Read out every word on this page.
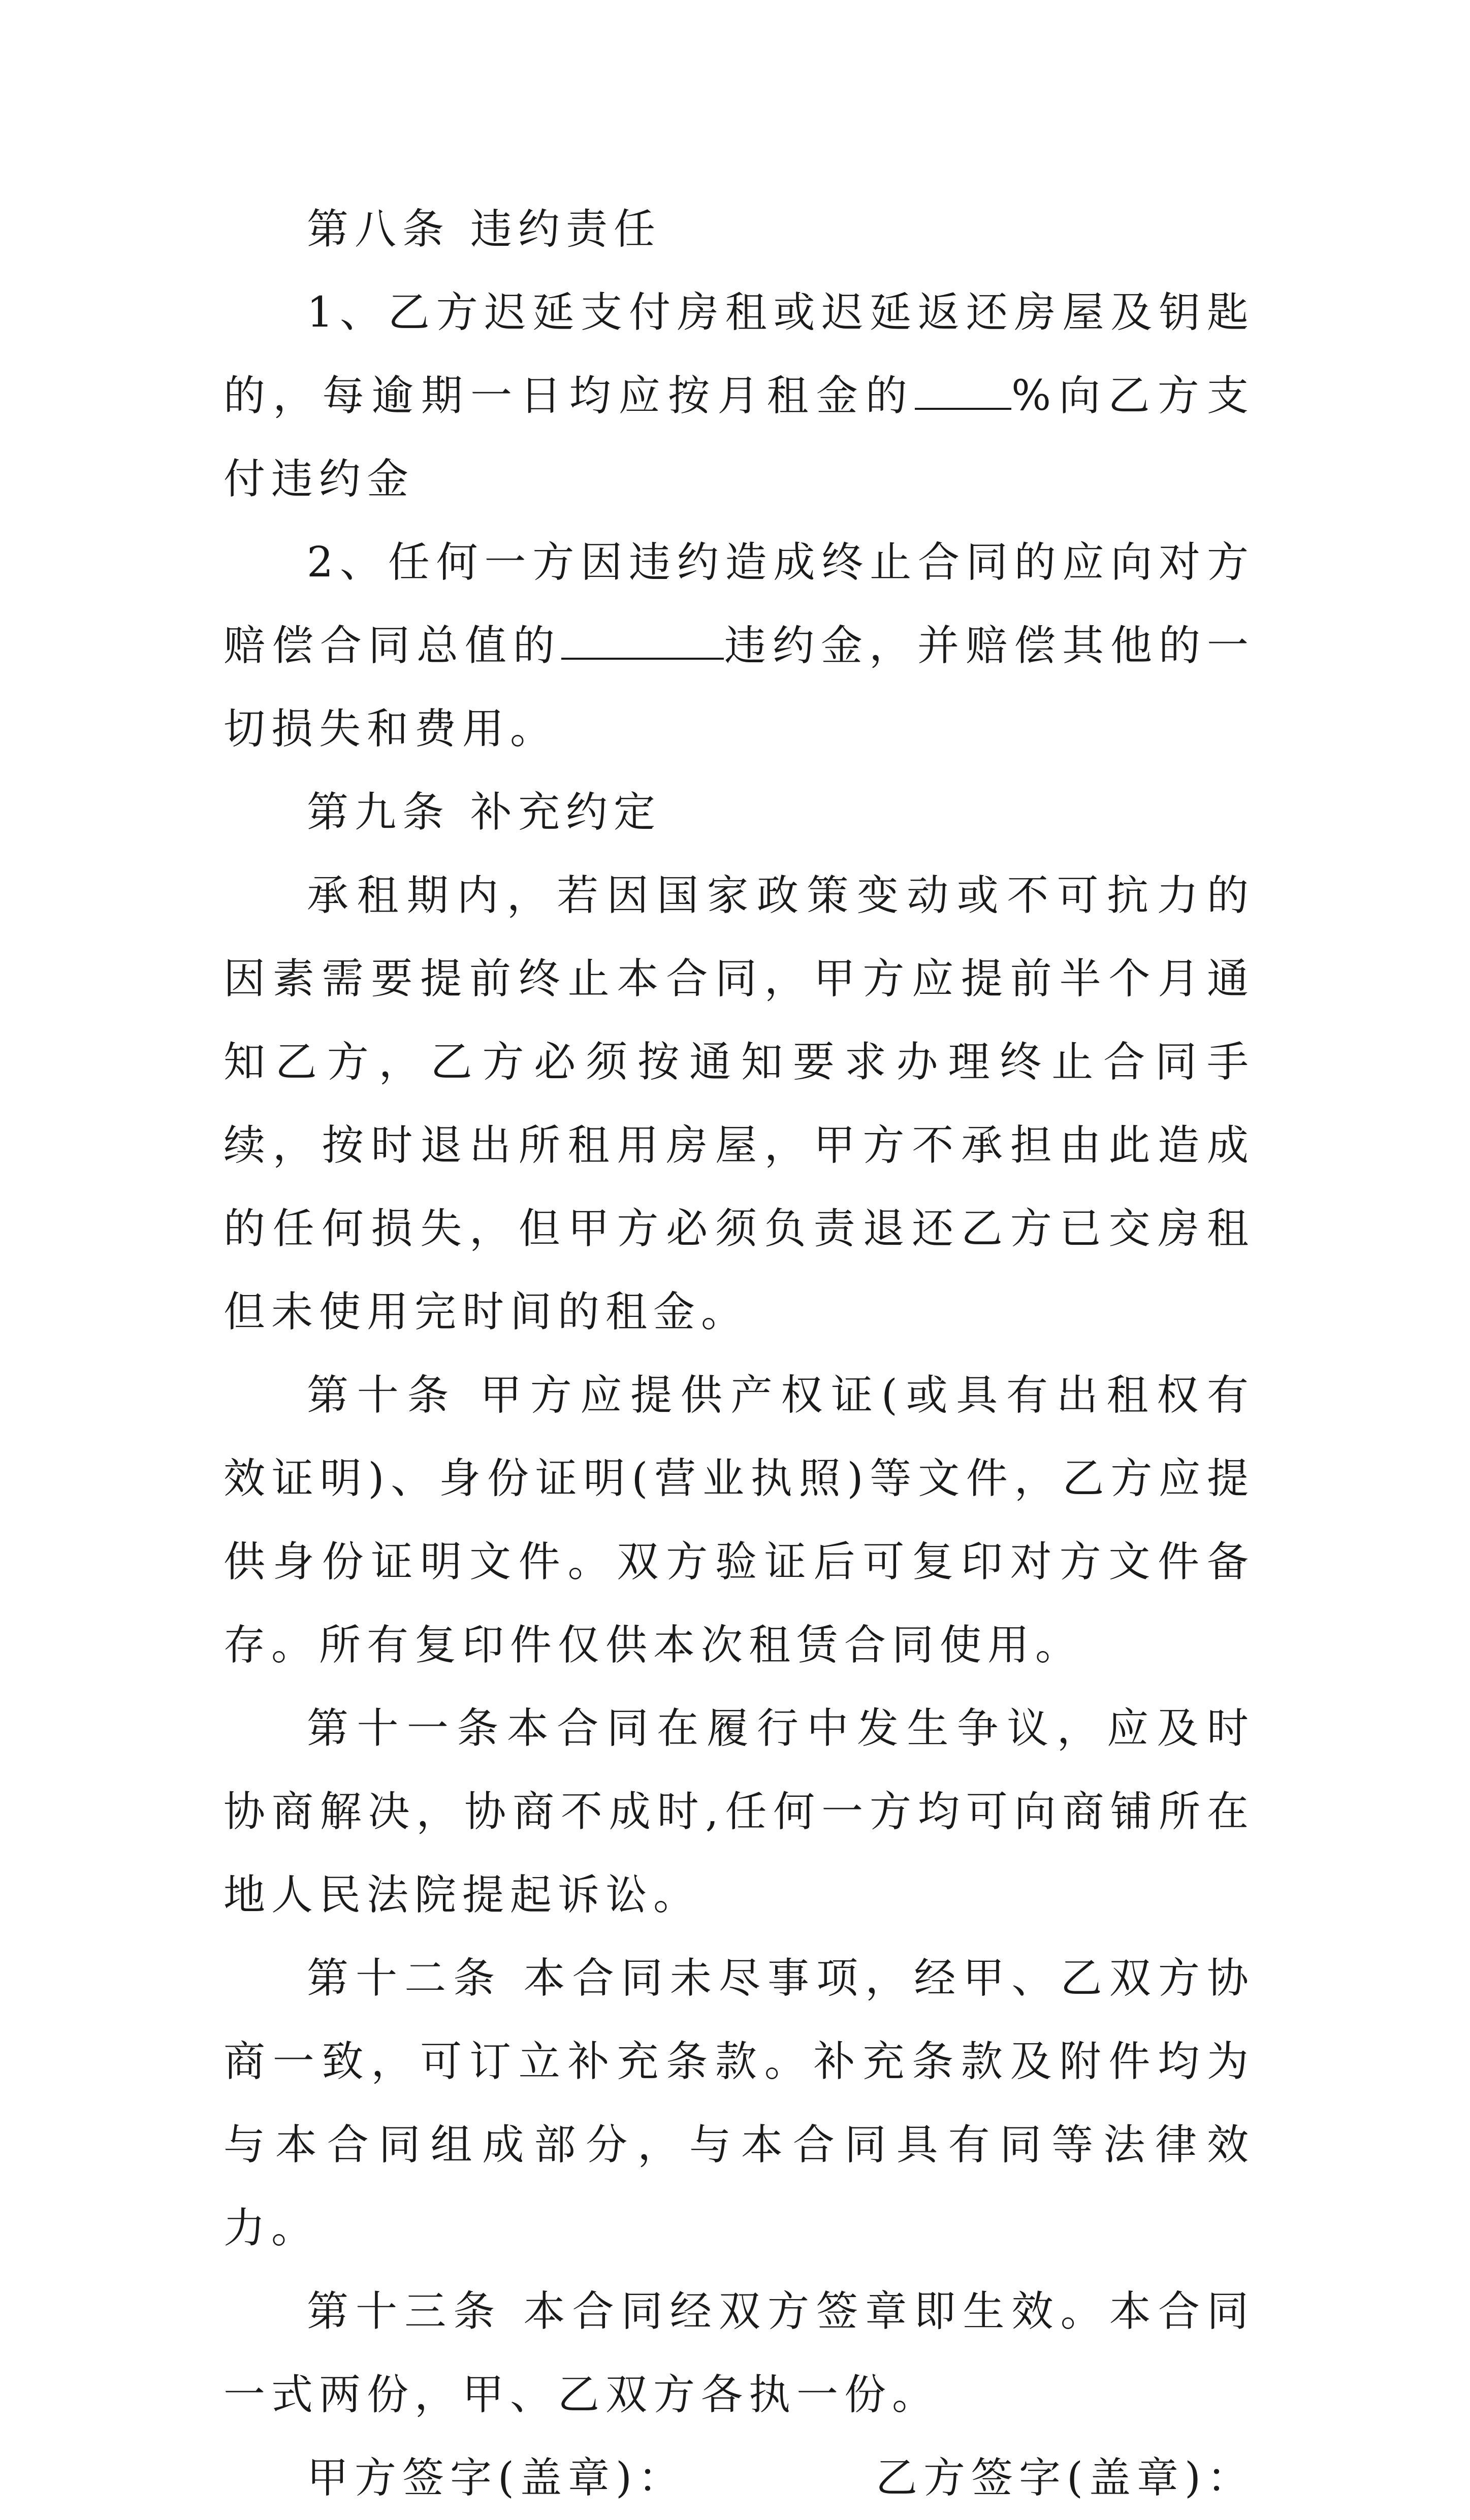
第八条 违约责任

1、乙方迟延支付房租或迟延返还房屋及钥匙的，每逾期一日均应按月租金的 %向乙方支付违约金

2、任何一方因违约造成终止合同的应向对方赔偿合同总值的	违约金，并赔偿其他的一切损失和费用。

第九条 补充约定

承租期内，若因国家政策变动或不可抗力的因素需要提前终止本合同，甲方应提前半个月通知乙方，乙方必须按通知要求办理终止合同手续，按时退出所租用房屋，甲方不承担由此造成的任何损失，但甲方必须负责退还乙方已交房租但未使用完时间的租金。

第十条 甲方应提供产权证(或具有出租权有效证明)、身份证明(营业执照)等文件，乙方应提供身份证明文件。双方验证后可复印对方文件备存。所有复印件仅供本次租赁合同使用。

第十一条本合同在履行中发生争议，应及时协商解决，协商不成时,任何一方均可向商铺所在地人民法院提起诉讼。

第十二条 本合同未尽事项，经甲、乙双方协商一致，可订立补充条款。补充条款及附件均为与本合同组成部分，与本合同具有同等法律效力。

第十三条 本合同经双方签章即生效。本合同一式两份，甲、乙双方各执一份。

甲方签字(盖章)：	乙方签字(盖章)：
